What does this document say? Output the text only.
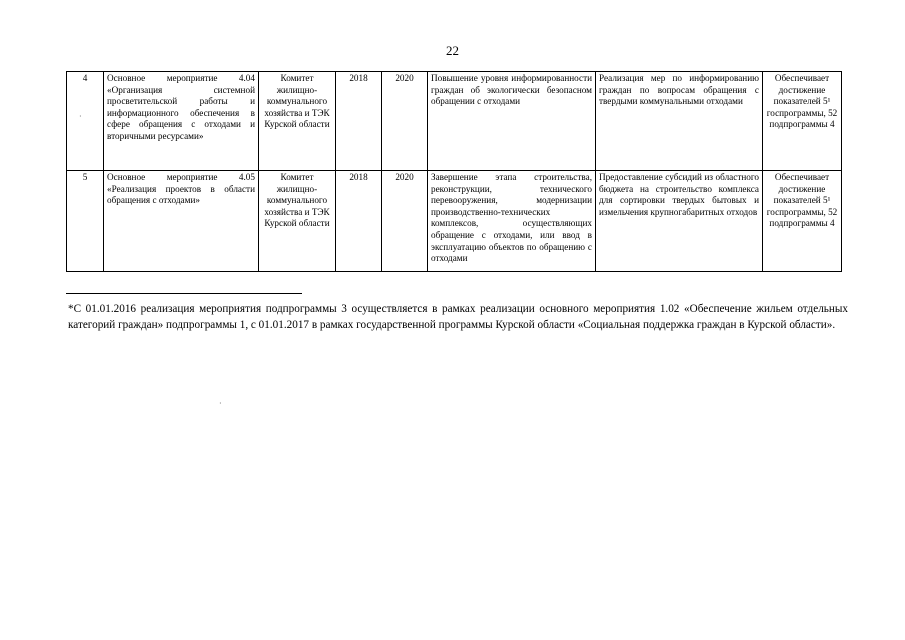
22
4	Основное мероприятие 4.04 «Организация системной просветительской работы и информационного обеспечения в сфере обращения с отходами и вторичными ресурсами»	Комитет жилищно-коммунального хозяйства и ТЭК Курской области	2018	2020	Повышение уровня информированности граждан об экологически безопасном обращении с отходами	Реализация мер по информированию граждан по вопросам обращения с твердыми коммунальными отходами	Обеспечивает достижение показателей 5¹ госпрограммы, 52 подпрограммы 4
5	Основное мероприятие 4.05 «Реализация проектов в области обращения с отходами»	Комитет жилищно-коммунального хозяйства и ТЭК Курской области	2018	2020	Завершение этапа строительства, реконструкции, технического перевооружения, модернизации производственно-технических комплексов, осуществляющих обращение с отходами, или ввод в эксплуатацию объектов по обращению с отходами	Предоставление субсидий из областного бюджета на строительство комплекса для сортировки твердых бытовых и измельчения крупногабаритных отходов	Обеспечивает достижение показателей 5¹ госпрограммы, 52 подпрограммы 4

*С 01.01.2016 реализация мероприятия подпрограммы 3 осуществляется в рамках реализации основного мероприятия 1.02 «Обеспечение жильем отдельных категорий граждан» подпрограммы 1, с 01.01.2017 в рамках государственной программы Курской области «Социальная поддержка граждан в Курской области».

·
·
